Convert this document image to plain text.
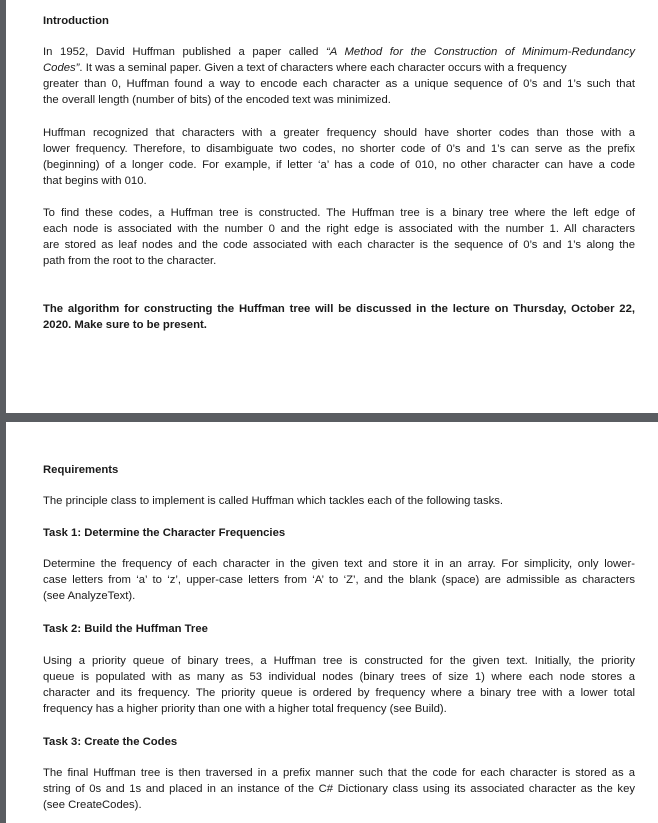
Introduction
In 1952, David Huffman published a paper called “A Method for the Construction of Minimum-Redundancy
Codes”. It was a seminal paper. Given a text of characters where each character occurs with a frequency
greater than 0, Huffman found a way to encode each character as a unique sequence of 0’s and 1’s such that
the overall length (number of bits) of the encoded text was minimized.
Huffman recognized that characters with a greater frequency should have shorter codes than those with a
lower frequency. Therefore, to disambiguate two codes, no shorter code of 0’s and 1’s can serve as the prefix
(beginning) of a longer code. For example, if letter ‘a’ has a code of 010, no other character can have a code
that begins with 010.
To find these codes, a Huffman tree is constructed. The Huffman tree is a binary tree where the left edge of
each node is associated with the number 0 and the right edge is associated with the number 1. All characters
are stored as leaf nodes and the code associated with each character is the sequence of 0’s and 1’s along the
path from the root to the character.
The algorithm for constructing the Huffman tree will be discussed in the lecture on Thursday, October 22,
2020. Make sure to be present.
Requirements
The principle class to implement is called Huffman which tackles each of the following tasks.
Task 1: Determine the Character Frequencies
Determine the frequency of each character in the given text and store it in an array. For simplicity, only lower-
case letters from ‘a’ to ‘z’, upper-case letters from ‘A’ to ‘Z’, and the blank (space) are admissible as characters
(see AnalyzeText).
Task 2: Build the Huffman Tree
Using a priority queue of binary trees, a Huffman tree is constructed for the given text. Initially, the priority
queue is populated with as many as 53 individual nodes (binary trees of size 1) where each node stores a
character and its frequency. The priority queue is ordered by frequency where a binary tree with a lower total
frequency has a higher priority than one with a higher total frequency (see Build).
Task 3: Create the Codes
The final Huffman tree is then traversed in a prefix manner such that the code for each character is stored as a
string of 0s and 1s and placed in an instance of the C# Dictionary class using its associated character as the key
(see CreateCodes).
